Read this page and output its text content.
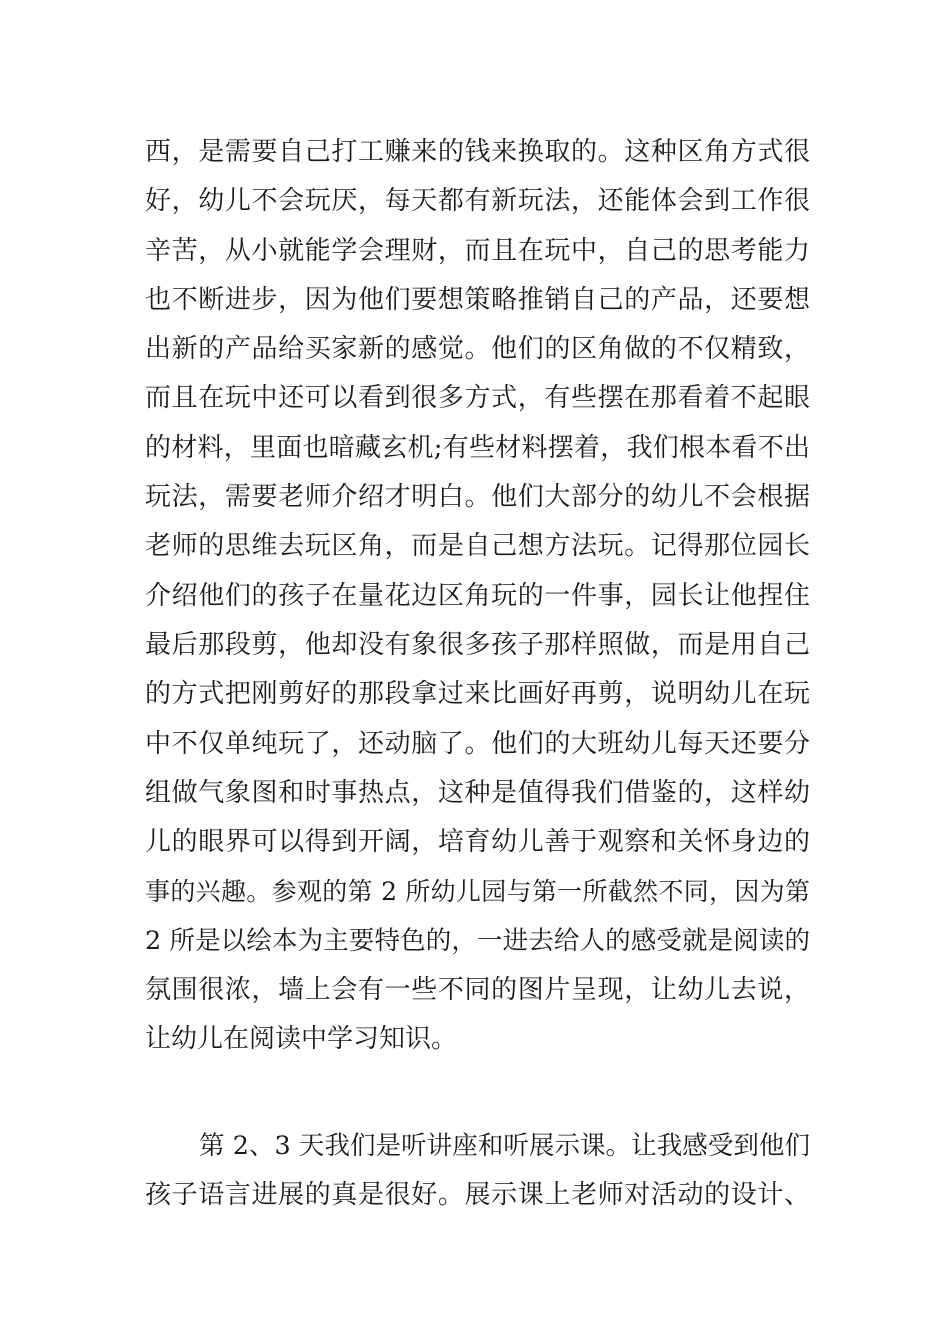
西，是需要自己打工赚来的钱来换取的。这种区角方式很
好，幼儿不会玩厌，每天都有新玩法，还能体会到工作很
辛苦，从小就能学会理财，而且在玩中，自己的思考能力
也不断进步，因为他们要想策略推销自己的产品，还要想
出新的产品给买家新的感觉。他们的区角做的不仅精致，
而且在玩中还可以看到很多方式，有些摆在那看着不起眼
的材料，里面也暗藏玄机;有些材料摆着，我们根本看不出
玩法，需要老师介绍才明白。他们大部分的幼儿不会根据
老师的思维去玩区角，而是自己想方法玩。记得那位园长
介绍他们的孩子在量花边区角玩的一件事，园长让他捏住
最后那段剪，他却没有象很多孩子那样照做，而是用自己
的方式把刚剪好的那段拿过来比画好再剪，说明幼儿在玩
中不仅单纯玩了，还动脑了。他们的大班幼儿每天还要分
组做气象图和时事热点，这种是值得我们借鉴的，这样幼
儿的眼界可以得到开阔，培育幼儿善于观察和关怀身边的
事的兴趣。参观的第 2 所幼儿园与第一所截然不同，因为第
2 所是以绘本为主要特色的，一进去给人的感受就是阅读的
氛围很浓，墙上会有一些不同的图片呈现，让幼儿去说，
让幼儿在阅读中学习知识。
第 2、3 天我们是听讲座和听展示课。让我感受到他们
孩子语言进展的真是很好。展示课上老师对活动的设计、
